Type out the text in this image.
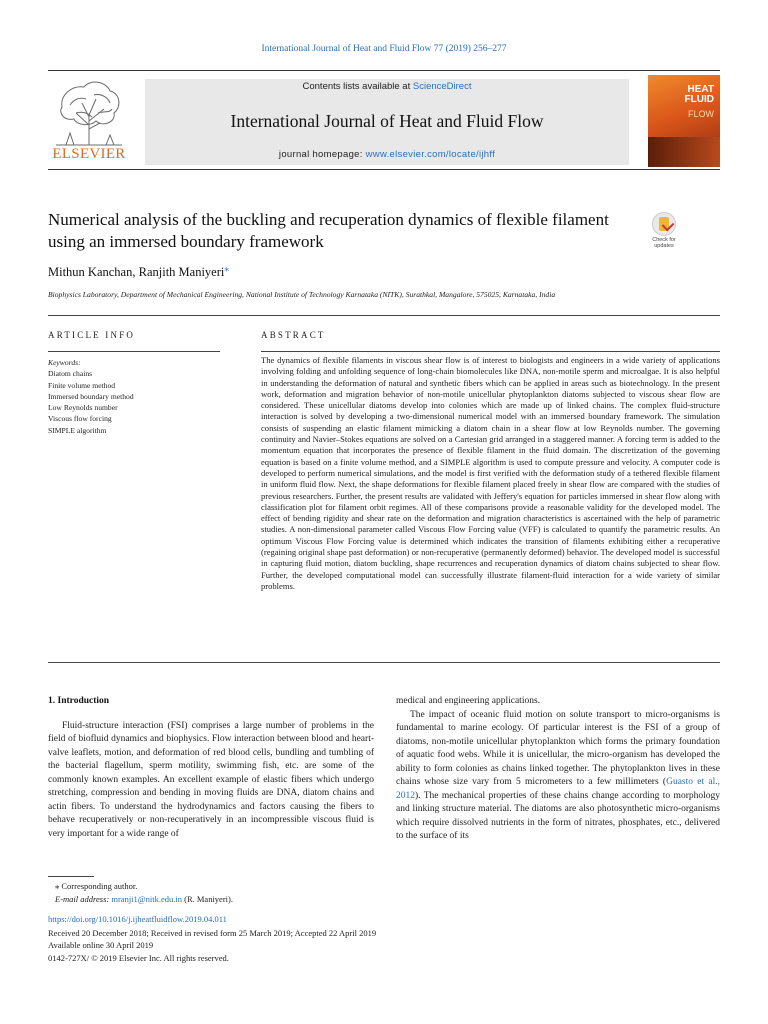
International Journal of Heat and Fluid Flow 77 (2019) 256–277
ELSEVIER
Contents lists available at ScienceDirect
International Journal of Heat and Fluid Flow
journal homepage: www.elsevier.com/locate/ijhff
HEAT
FLUID
FLOW
Numerical analysis of the buckling and recuperation dynamics of flexible filament using an immersed boundary framework	Check for updates
Mithun Kanchan, Ranjith Maniyeri⁎
Biophysics Laboratory, Department of Mechanical Engineering, National Institute of Technology Karnataka (NITK), Surathkal, Mangalore, 575025, Karnataka, India
ARTICLE INFO	ABSTRACT
Keywords:
Diatom chains
Finite volume method
Immersed boundary method
Low Reynolds number
Viscous flow forcing
SIMPLE algorithm
The dynamics of flexible filaments in viscous shear flow is of interest to biologists and engineers in a wide variety of applications involving folding and unfolding sequence of long-chain biomolecules like DNA, non-motile sperm and microalgae. It is also helpful in understanding the deformation of natural and synthetic fibers which can be applied in areas such as biotechnology. In the present work, deformation and migration behavior of non-motile unicellular phytoplankton diatoms subjected to viscous shear flow are considered. These unicellular diatoms develop into colonies which are made up of linked chains. The complex fluid-structure interaction is solved by developing a two-dimensional numerical model with an immersed boundary framework. The simulation consists of suspending an elastic filament mimicking a diatom chain in a shear flow at low Reynolds number. The governing continuity and Navier–Stokes equations are solved on a Cartesian grid arranged in a staggered manner. A forcing term is added to the momentum equation that incorporates the presence of flexible filament in the fluid domain. The discretization of the governing equation is based on a finite volume method, and a SIMPLE algorithm is used to compute pressure and velocity. A computer code is developed to perform numerical simulations, and the model is first verified with the deformation study of a tethered flexible filament in uniform fluid flow. Next, the shape deformations for flexible filament placed freely in shear flow are compared with the studies of previous researchers. Further, the present results are validated with Jeffery's equation for particles immersed in shear flow along with classification plot for filament orbit regimes. All of these comparisons provide a reasonable validity for the developed model. The effect of bending rigidity and shear rate on the deformation and migration characteristics is ascertained with the help of parametric studies. A non-dimensional parameter called Viscous Flow Forcing value (VFF) is calculated to quantify the parametric results. An optimum Viscous Flow Forcing value is determined which indicates the transition of filaments exhibiting either a recuperative (regaining original shape past deformation) or non-recuperative (permanently deformed) behavior. The developed model is successful in capturing fluid motion, diatom buckling, shape recurrences and recuperation dynamics of diatom chains subjected to shear flow. Further, the developed computational model can successfully illustrate filament-fluid interaction for a wide variety of similar problems.
1. Introduction
Fluid-structure interaction (FSI) comprises a large number of problems in the field of biofluid dynamics and biophysics. Flow interaction between blood and heart-valve leaflets, motion, and deformation of red blood cells, bundling and tumbling of the bacterial flagellum, sperm motility, swimming fish, etc. are some of the commonly known examples. An excellent example of elastic fibers which undergo stretching, compression and bending in moving fluids are DNA, diatom chains and actin fibers. To understand the hydrodynamics and factors causing the fibers to behave recuperatively or non-recuperatively in an incompressible viscous fluid is very important for a wide range of
medical and engineering applications.
The impact of oceanic fluid motion on solute transport to micro-organisms is fundamental to marine ecology. Of particular interest is the FSI of a group of diatoms, non-motile unicellular phytoplankton which forms the primary foundation of aquatic food webs. While it is unicellular, the micro-organism has developed the ability to form colonies as chains linked together. The phytoplankton lives in these chains whose size vary from 5 micrometers to a few millimeters (Guasto et al., 2012). The mechanical properties of these chains change according to morphology and linking structure material. The diatoms are also photosynthetic micro-organisms which require dissolved nutrients in the form of nitrates, phosphates, etc., delivered to the surface of its
⁎ Corresponding author.
E-mail address: mranji1@nitk.edu.in (R. Maniyeri).
https://doi.org/10.1016/j.ijheatfluidflow.2019.04.011
Received 20 December 2018; Received in revised form 25 March 2019; Accepted 22 April 2019
Available online 30 April 2019
0142-727X/ © 2019 Elsevier Inc. All rights reserved.
